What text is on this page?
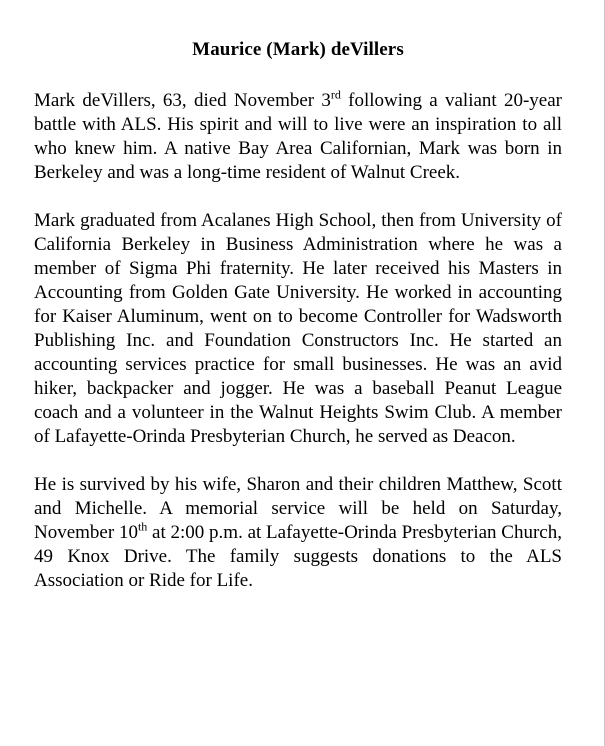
Maurice (Mark) deVillers

Mark deVillers, 63, died November 3rd following a valiant 20-year battle with ALS. His spirit and will to live were an inspiration to all who knew him. A native Bay Area Californian, Mark was born in Berkeley and was a long-time resident of Walnut Creek.

Mark graduated from Acalanes High School, then from University of California Berkeley in Business Administration where he was a member of Sigma Phi fraternity. He later received his Masters in Accounting from Golden Gate University. He worked in accounting for Kaiser Aluminum, went on to become Controller for Wadsworth Publishing Inc. and Foundation Constructors Inc. He started an accounting services practice for small businesses. He was an avid hiker, backpacker and jogger. He was a baseball Peanut League coach and a volunteer in the Walnut Heights Swim Club. A member of Lafayette-Orinda Presbyterian Church, he served as Deacon.

He is survived by his wife, Sharon and their children Matthew, Scott and Michelle. A memorial service will be held on Saturday, November 10th at 2:00 p.m. at Lafayette-Orinda Presbyterian Church, 49 Knox Drive. The family suggests donations to the ALS Association or Ride for Life.
